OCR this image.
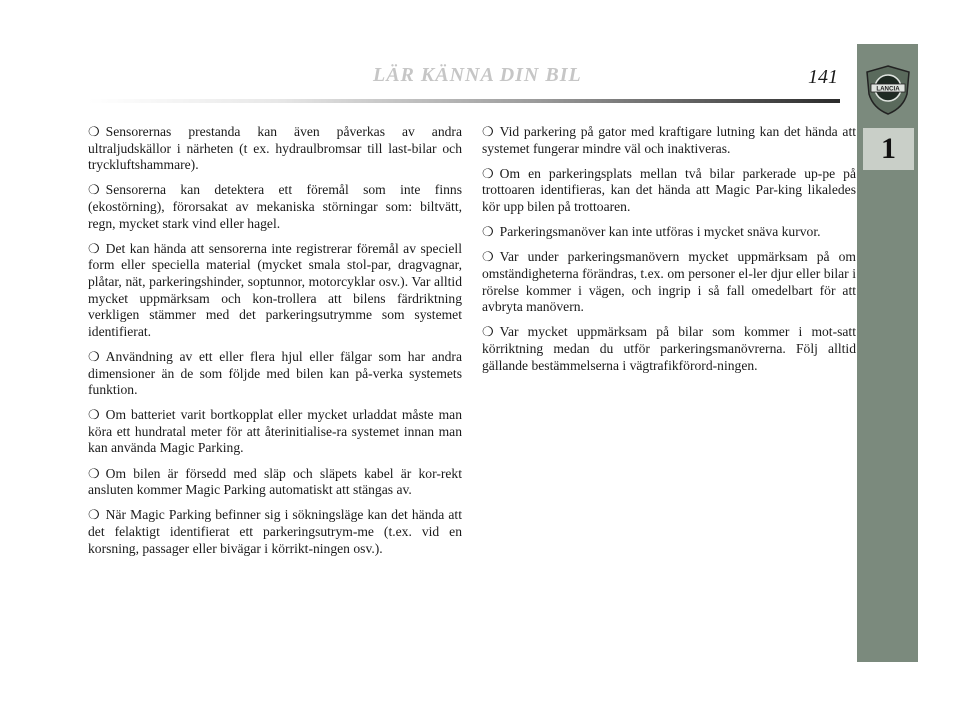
LÄR KÄNNA DIN BIL	141
LANCIA
1

❍ Sensorernas prestanda kan även påverkas av andra ultraljudskällor i närheten (t ex. hydraulbromsar till last-bilar och tryckluftshammare).

❍ Sensorerna kan detektera ett föremål som inte finns (ekostörning), förorsakat av mekaniska störningar som: biltvätt, regn, mycket stark vind eller hagel.

❍ Det kan hända att sensorerna inte registrerar föremål av speciell form eller speciella material (mycket smala stol-par, dragvagnar, plåtar, nät, parkeringshinder, soptunnor, motorcyklar osv.). Var alltid mycket uppmärksam och kon-trollera att bilens färdriktning verkligen stämmer med det parkeringsutrymme som systemet identifierat.

❍ Användning av ett eller flera hjul eller fälgar som har andra dimensioner än de som följde med bilen kan på-verka systemets funktion.

❍ Om batteriet varit bortkopplat eller mycket urladdat måste man köra ett hundratal meter för att återinitialise-ra systemet innan man kan använda Magic Parking.

❍ Om bilen är försedd med släp och släpets kabel är kor-rekt ansluten kommer Magic Parking automatiskt att stängas av.

❍ När Magic Parking befinner sig i sökningsläge kan det hända att det felaktigt identifierat ett parkeringsutrym-me (t.ex. vid en korsning, passager eller bivägar i körrikt-ningen osv.).

❍ Vid parkering på gator med kraftigare lutning kan det hända att systemet fungerar mindre väl och inaktiveras.

❍ Om en parkeringsplats mellan två bilar parkerade up-pe på trottoaren identifieras, kan det hända att Magic Par-king likaledes kör upp bilen på trottoaren.

❍ Parkeringsmanöver kan inte utföras i mycket snäva kurvor.

❍ Var under parkeringsmanövern mycket uppmärksam på om omständigheterna förändras, t.ex. om personer el-ler djur eller bilar i rörelse kommer i vägen, och ingrip i så fall omedelbart för att avbryta manövern.

❍ Var mycket uppmärksam på bilar som kommer i mot-satt körriktning medan du utför parkeringsmanövrerna. Följ alltid gällande bestämmelserna i vägtrafikförord-ningen.
